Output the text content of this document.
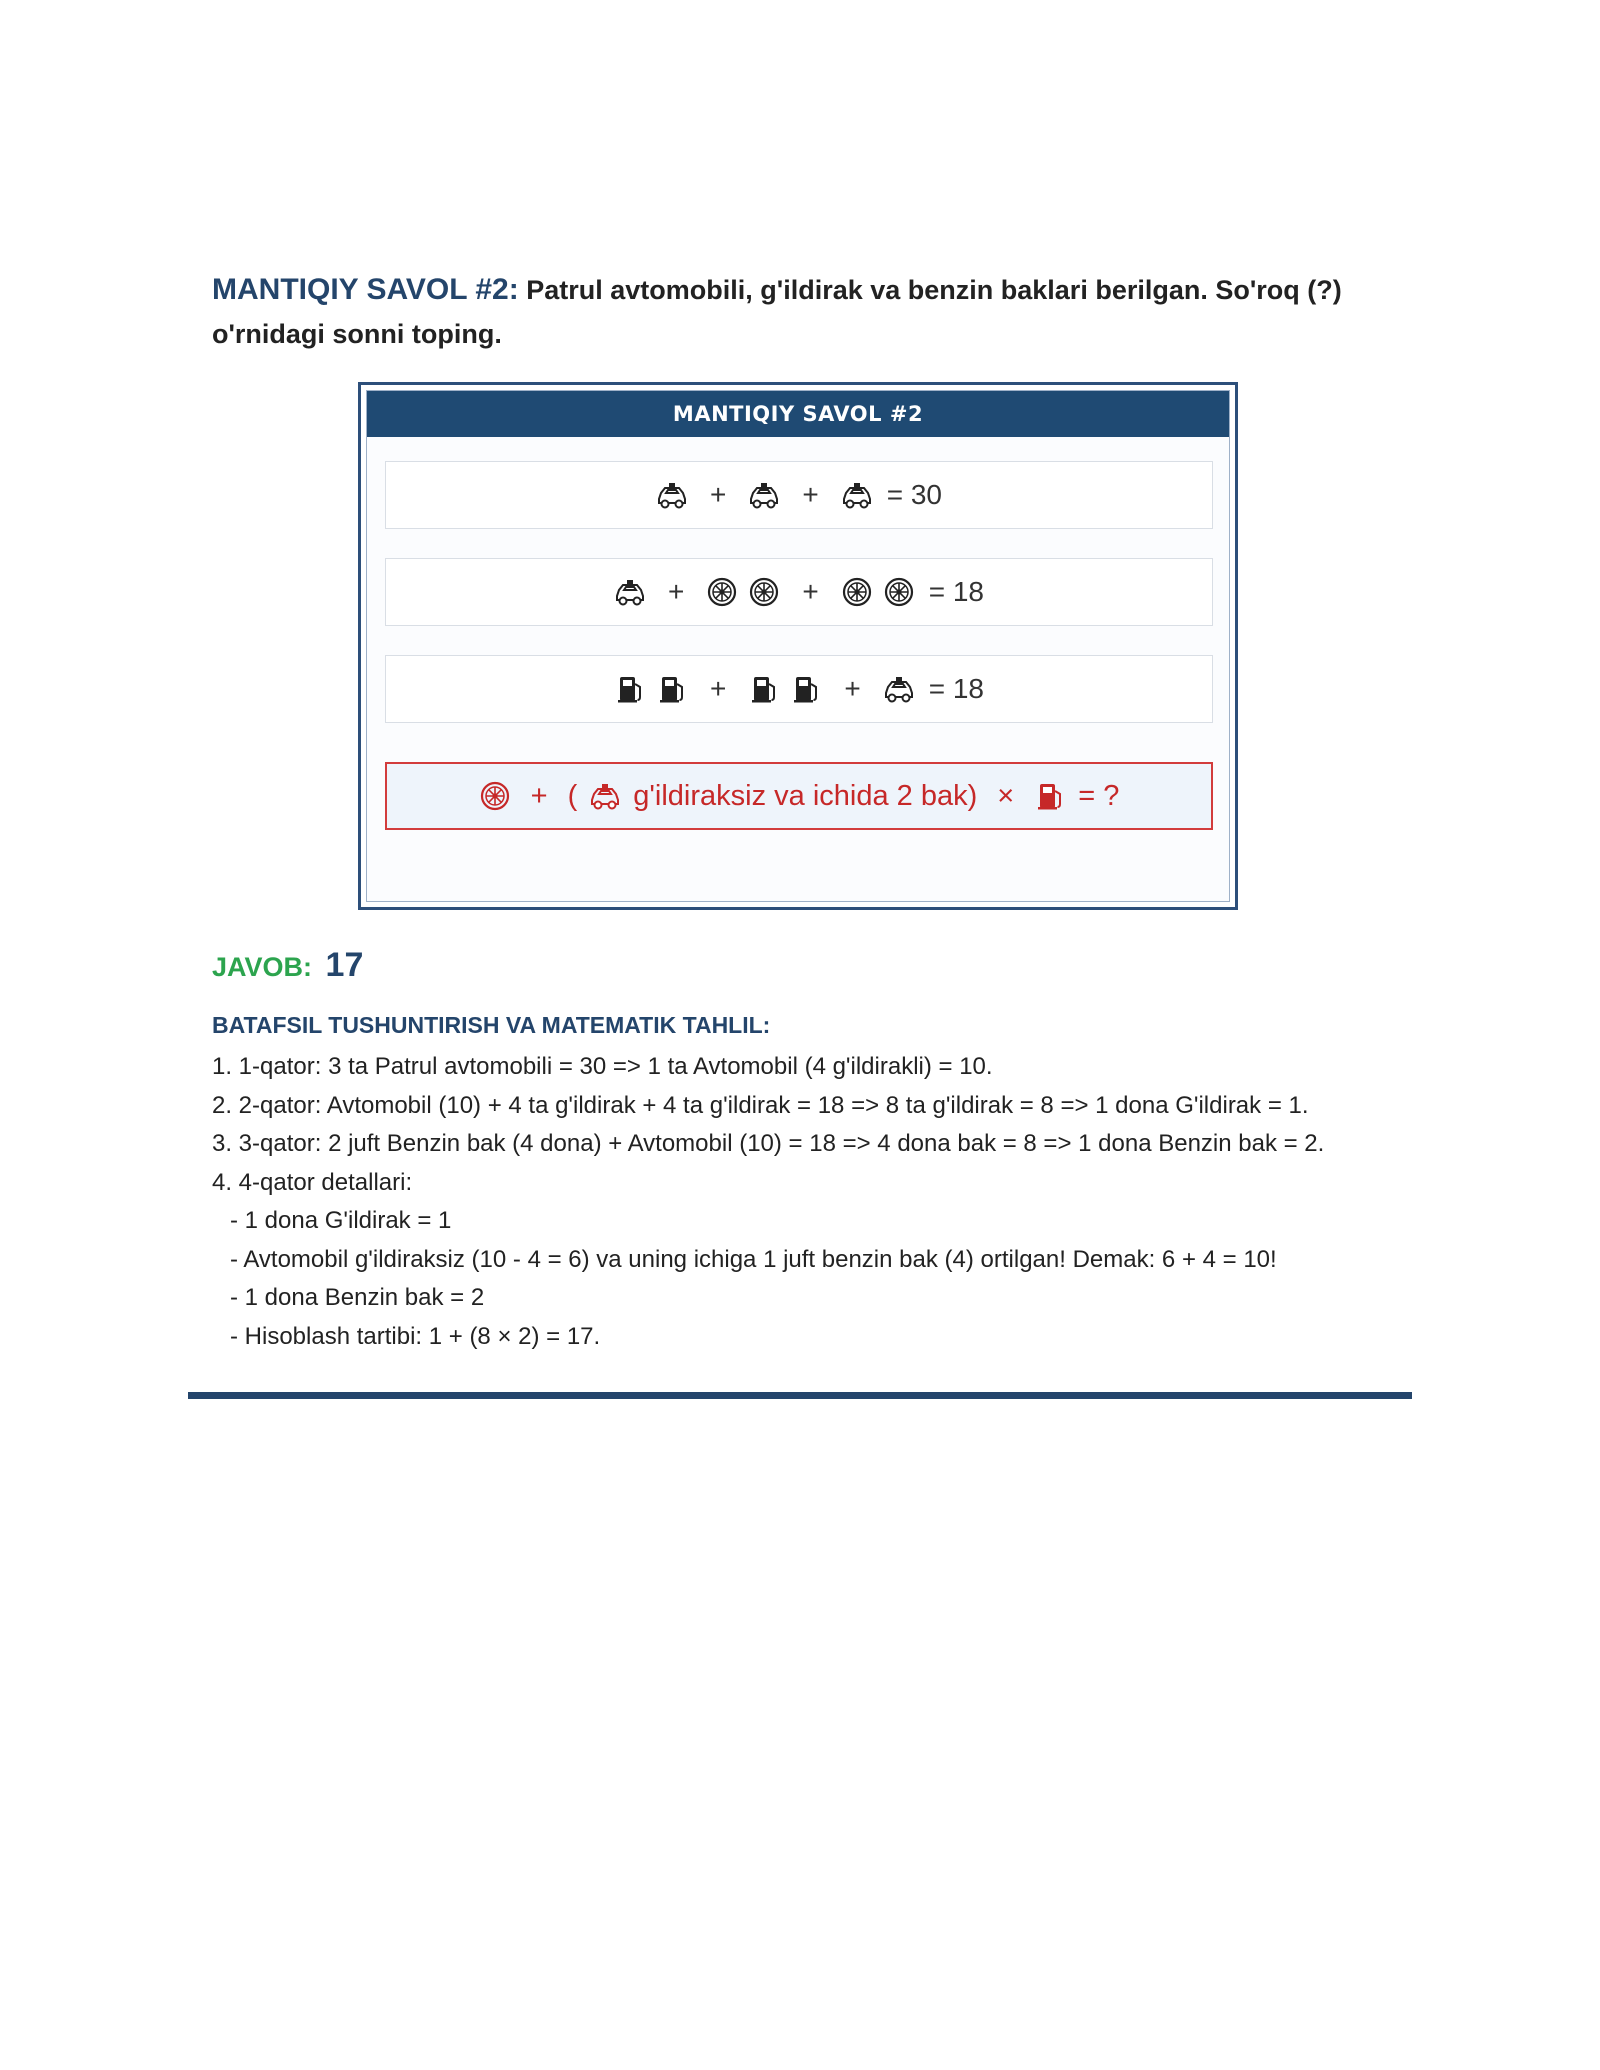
MANTIQIY SAVOL #2: Patrul avtomobili, g'ildirak va benzin baklari berilgan. So'roq (?) o'rnidagi sonni toping.
MANTIQIY SAVOL #2
+	+ = 30
+	+	= 18
+	+ = 18
+ ( g'ildiraksiz va ichida 2 bak) × = ?
JAVOB: 17
BATAFSIL TUSHUNTIRISH VA MATEMATIK TAHLIL:
1. 1-qator: 3 ta Patrul avtomobili = 30 => 1 ta Avtomobil (4 g'ildirakli) = 10.
2. 2-qator: Avtomobil (10) + 4 ta g'ildirak + 4 ta g'ildirak = 18 => 8 ta g'ildirak = 8 => 1 dona G'ildirak = 1.
3. 3-qator: 2 juft Benzin bak (4 dona) + Avtomobil (10) = 18 => 4 dona bak = 8 => 1 dona Benzin bak = 2.
4. 4-qator detallari:
- 1 dona G'ildirak = 1
- Avtomobil g'ildiraksiz (10 - 4 = 6) va uning ichiga 1 juft benzin bak (4) ortilgan! Demak: 6 + 4 = 10!
- 1 dona Benzin bak = 2
- Hisoblash tartibi: 1 + (8 × 2) = 17.
